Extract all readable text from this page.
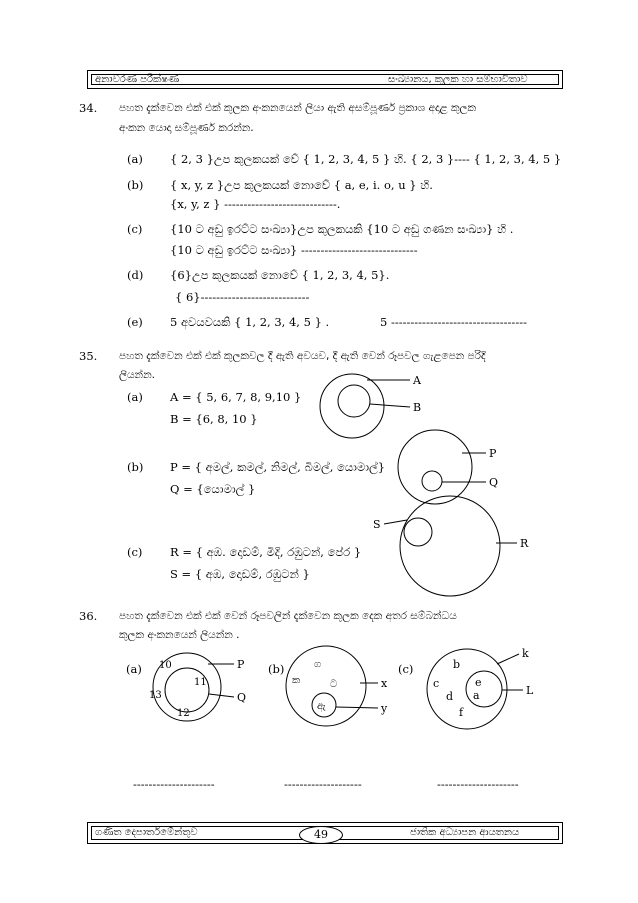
අනාවරණ පරීක්ෂණ	සංඛ්‍යානය, කුලක හා සම්භාවිතාව
34. පහත දැක්වෙන එක් එක් කුලක අංකනයෙන් ලියා ඇති අසම්පූර්ණ ප්‍රකාශ අදාළ කුලක
අංකන යොදා සම්පූර්ණ කරන්න.
(a) { 2, 3 }උප කුලකයක් වේ { 1, 2, 3, 4, 5 } හි. { 2, 3 }---- { 1, 2, 3, 4, 5 }
(b) { x, y, z }උප කුලකයක් නොවේ { a, e, i. o, u } හි.
{x, y, z } -----------------------------.
(c) {10 ට අඩු ඉරට්ට සංඛ්‍යා}උප කුලකයකි {10 ට අඩු ගණන සංඛ්‍යා} හි .
{10 ට අඩු ඉරට්ට සංඛ්‍යා} ------------------------------
(d) {6}උප කුලකයක් නොවේ { 1, 2, 3, 4, 5}.
{ 6}----------------------------
(e) 5 අවයවයකි { 1, 2, 3, 4, 5 } .	5 -----------------------------------
35. පහත දැක්වෙන එක් එක් කුලකවල දී ඇති අවයව, දී ඇති වෙන් රූපවල ගැළපෙන පරිදි
ලියන්න.
(a) A = { 5, 6, 7, 8, 9,10 }
B = {6, 8, 10 }
(b) P = { අමල්, කමල්, නිමල්, බිමල්, යොමාල්}
Q = {යොමාල් }
(c) R = { අඹ. දොඩම්, මිදි, රඹුටන්, පේර }
S = { අඹ, දොඩම්, රඹුටන් }
36. පහත දැක්වෙන එක් එක් වෙන් රූපවලින් දැක්වෙන කුලක දෙක අතර සම්බන්ධය
කුලක අංකනයෙන් ලියන්න .
(a)	(b)	(c)
---------------------	--------------------	---------------------
A
B
P
Q
S
R
P
Q
10
13
12
11	x
y
ග
ක	ට
ඇ
k
L
b
c
d
f
e
a
ගණිත දෙපාර්තමේන්තුව	49	ජාතික අධ්‍යාපන ආයතනය
